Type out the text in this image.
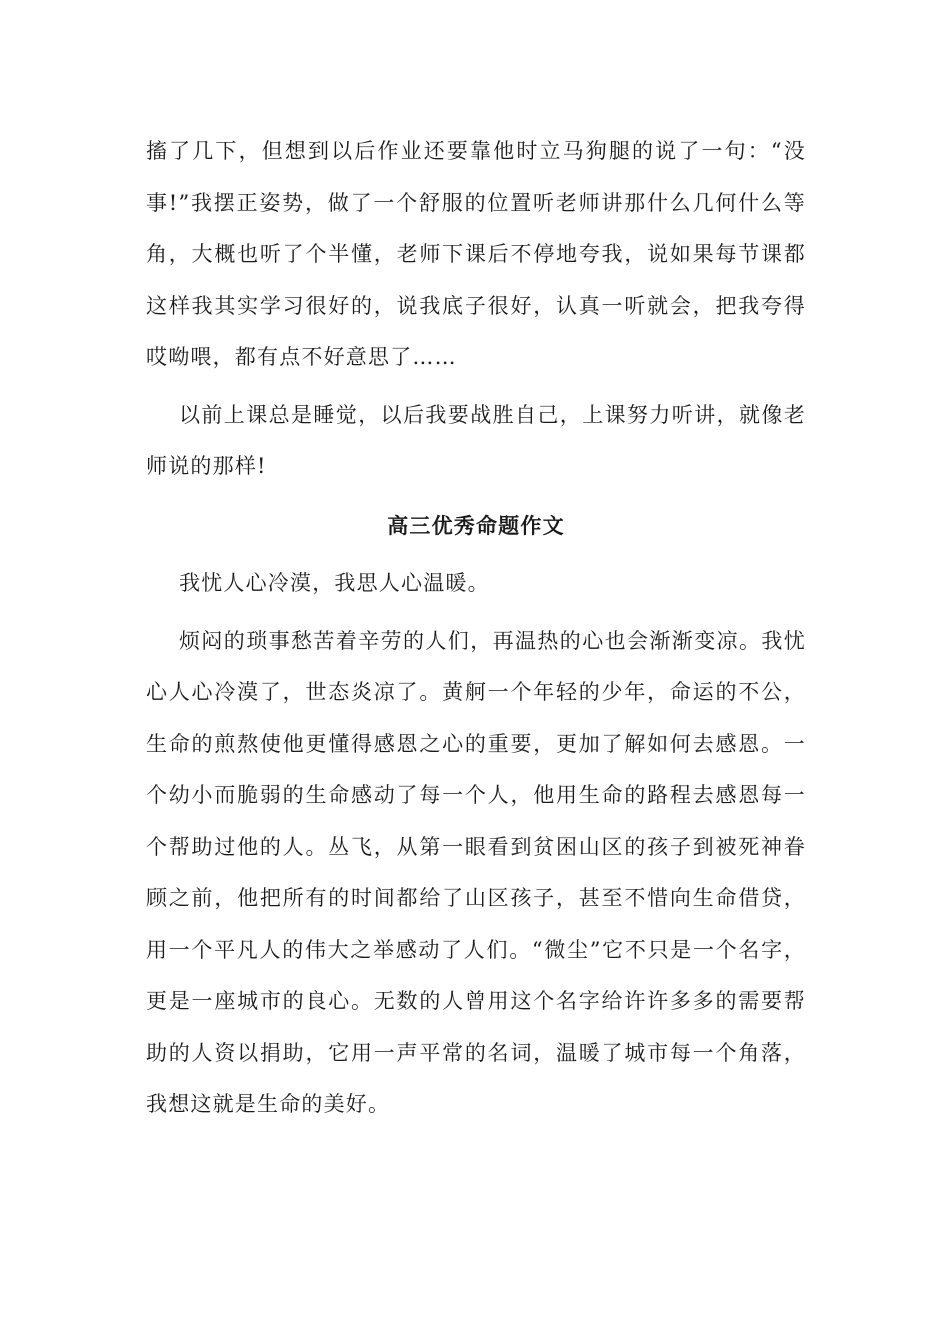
搐了几下，但想到以后作业还要靠他时立马狗腿的说了一句：“没事!”我摆正姿势，做了一个舒服的位置听老师讲那什么几何什么等角，大概也听了个半懂，老师下课后不停地夸我，说如果每节课都这样我其实学习很好的，说我底子很好，认真一听就会，把我夸得哎呦喂，都有点不好意思了……

以前上课总是睡觉，以后我要战胜自己，上课努力听讲，就像老师说的那样!

高三优秀命题作文

我忧人心冷漠，我思人心温暖。

烦闷的琐事愁苦着辛劳的人们，再温热的心也会渐渐变凉。我忧心人心冷漠了，世态炎凉了。黄舸一个年轻的少年，命运的不公，生命的煎熬使他更懂得感恩之心的重要，更加了解如何去感恩。一个幼小而脆弱的生命感动了每一个人，他用生命的路程去感恩每一个帮助过他的人。丛飞，从第一眼看到贫困山区的孩子到被死神眷顾之前，他把所有的时间都给了山区孩子，甚至不惜向生命借贷，用一个平凡人的伟大之举感动了人们。“微尘”它不只是一个名字，更是一座城市的良心。无数的人曾用这个名字给许许多多的需要帮助的人资以捐助，它用一声平常的名词，温暖了城市每一个角落，我想这就是生命的美好。
